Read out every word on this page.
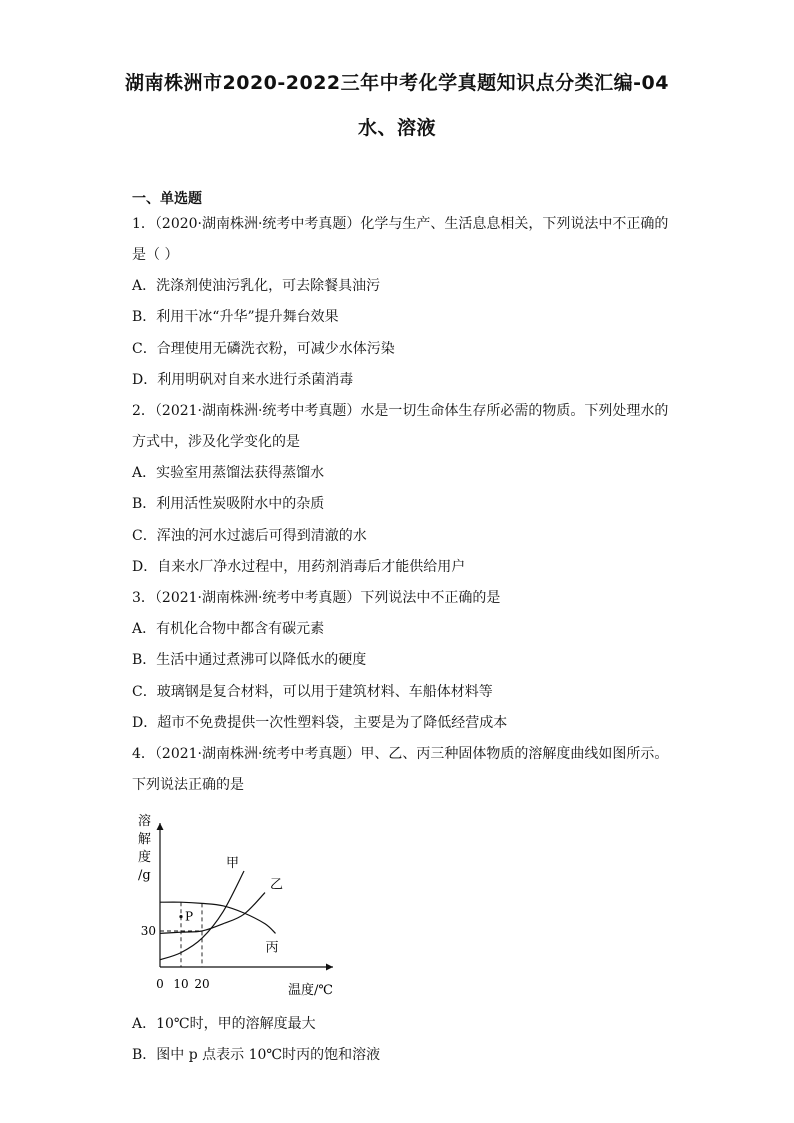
湖南株洲市2020-2022三年中考化学真题知识点分类汇编-04
水、溶液
一、单选题
1．（2020·湖南株洲·统考中考真题）化学与生产、生活息息相关，下列说法中不正确的
是（ ）
A．洗涤剂使油污乳化，可去除餐具油污
B．利用干冰“升华”提升舞台效果
C．合理使用无磷洗衣粉，可减少水体污染
D．利用明矾对自来水进行杀菌消毒
2．（2021·湖南株洲·统考中考真题）水是一切生命体生存所必需的物质。下列处理水的
方式中，涉及化学变化的是
A．实验室用蒸馏法获得蒸馏水
B．利用活性炭吸附水中的杂质
C．浑浊的河水过滤后可得到清澈的水
D．自来水厂净水过程中，用药剂消毒后才能供给用户
3．（2021·湖南株洲·统考中考真题）下列说法中不正确的是
A．有机化合物中都含有碳元素
B．生活中通过煮沸可以降低水的硬度
C．玻璃钢是复合材料，可以用于建筑材料、车船体材料等
D．超市不免费提供一次性塑料袋，主要是为了降低经营成本
4．（2021·湖南株洲·统考中考真题）甲、乙、丙三种固体物质的溶解度曲线如图所示。
下列说法正确的是
溶
解
度
/g
温度/℃
0 10 20
30
甲
乙
丙
P
A．10℃时，甲的溶解度最大
B．图中 p 点表示 10℃时丙的饱和溶液
